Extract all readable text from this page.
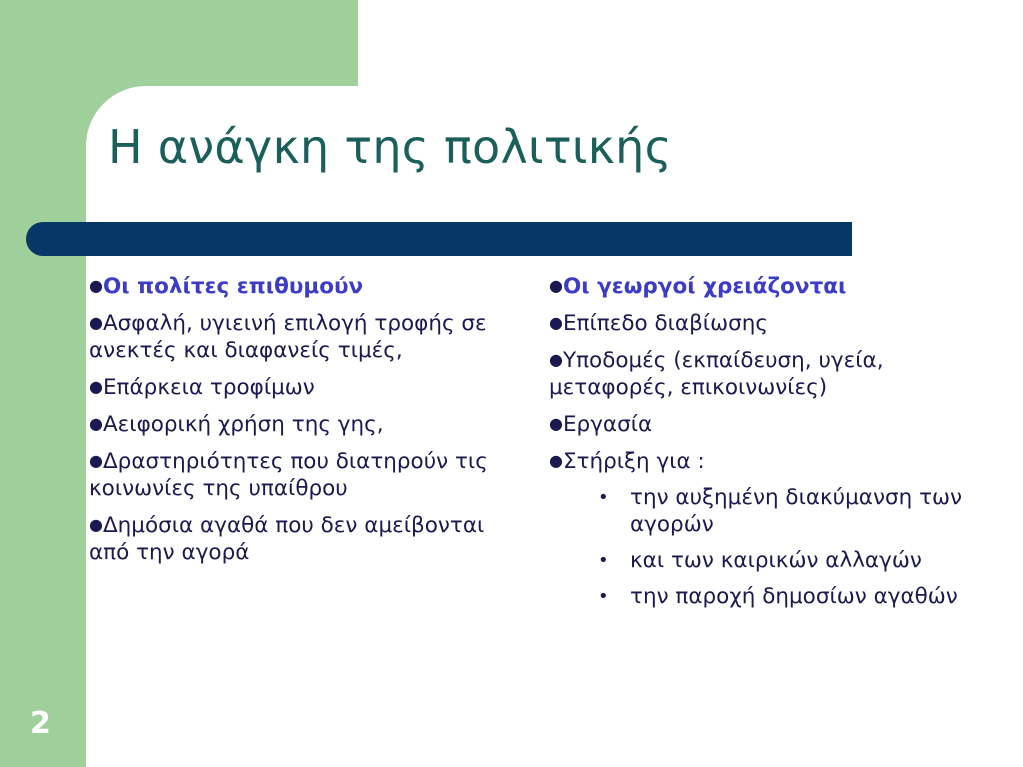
Η ανάγκη της πολιτικής
●Οι πολίτες επιθυμούν
●Ασφαλή, υγιεινή επιλογή τροφής σε ανεκτές και διαφανείς τιμές,
●Επάρκεια τροφίμων
●Αειφορική χρήση της γης,
●Δραστηριότητες που διατηρούν τις κοινωνίες της υπαίθρου
●Δημόσια αγαθά που δεν αμείβονται από την αγορά
●Οι γεωργοί χρειάζονται
●Επίπεδο διαβίωσης
●Υποδομές (εκπαίδευση, υγεία, μεταφορές, επικοινωνίες)
●Εργασία
●Στήριξη για :
• την αυξημένη διακύμανση των αγορών
• και των καιρικών αλλαγών
• την παροχή δημοσίων αγαθών
2
